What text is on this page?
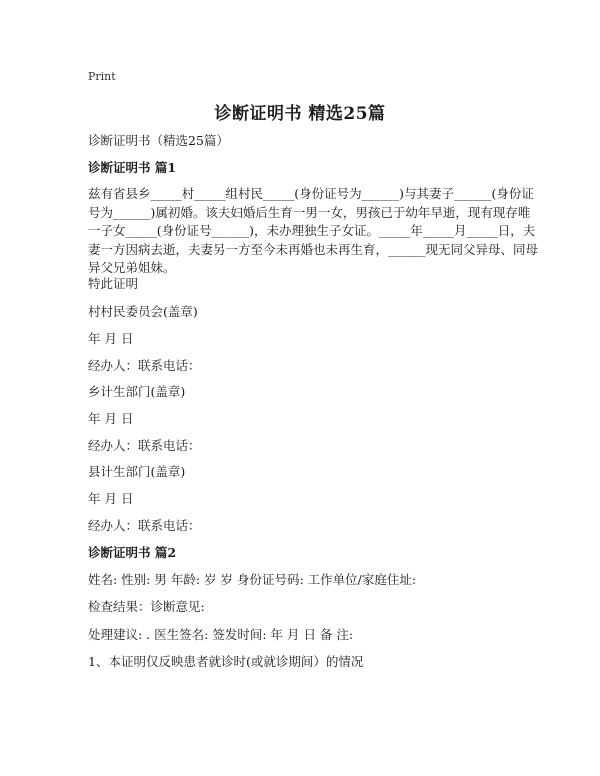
Print
诊断证明书 精选25篇
诊断证明书（精选25篇）
诊断证明书 篇1
兹有省县乡_____村_____组村民_____(身份证号为______)与其妻子______(身份证
号为______)属初婚。该夫妇婚后生育一男一女，男孩已于幼年早逝，现有现存唯
一子女_____(身份证号______)，未办理独生子女证。_____年_____月_____日，夫
妻一方因病去逝，夫妻另一方至今未再婚也未再生育，______现无同父异母、同母
异父兄弟姐妹。
特此证明
村村民委员会(盖章)
年 月 日
经办人：联系电话：
乡计生部门(盖章)
年 月 日
经办人：联系电话：
县计生部门(盖章)
年 月 日
经办人：联系电话：
诊断证明书 篇2
姓名: 性别: 男 年龄: 岁 岁 身份证号码: 工作单位/家庭住址:
检查结果：诊断意见:
处理建议: . 医生签名: 签发时间: 年 月 日 备 注:
1、本证明仅反映患者就诊时(或就诊期间）的情况
